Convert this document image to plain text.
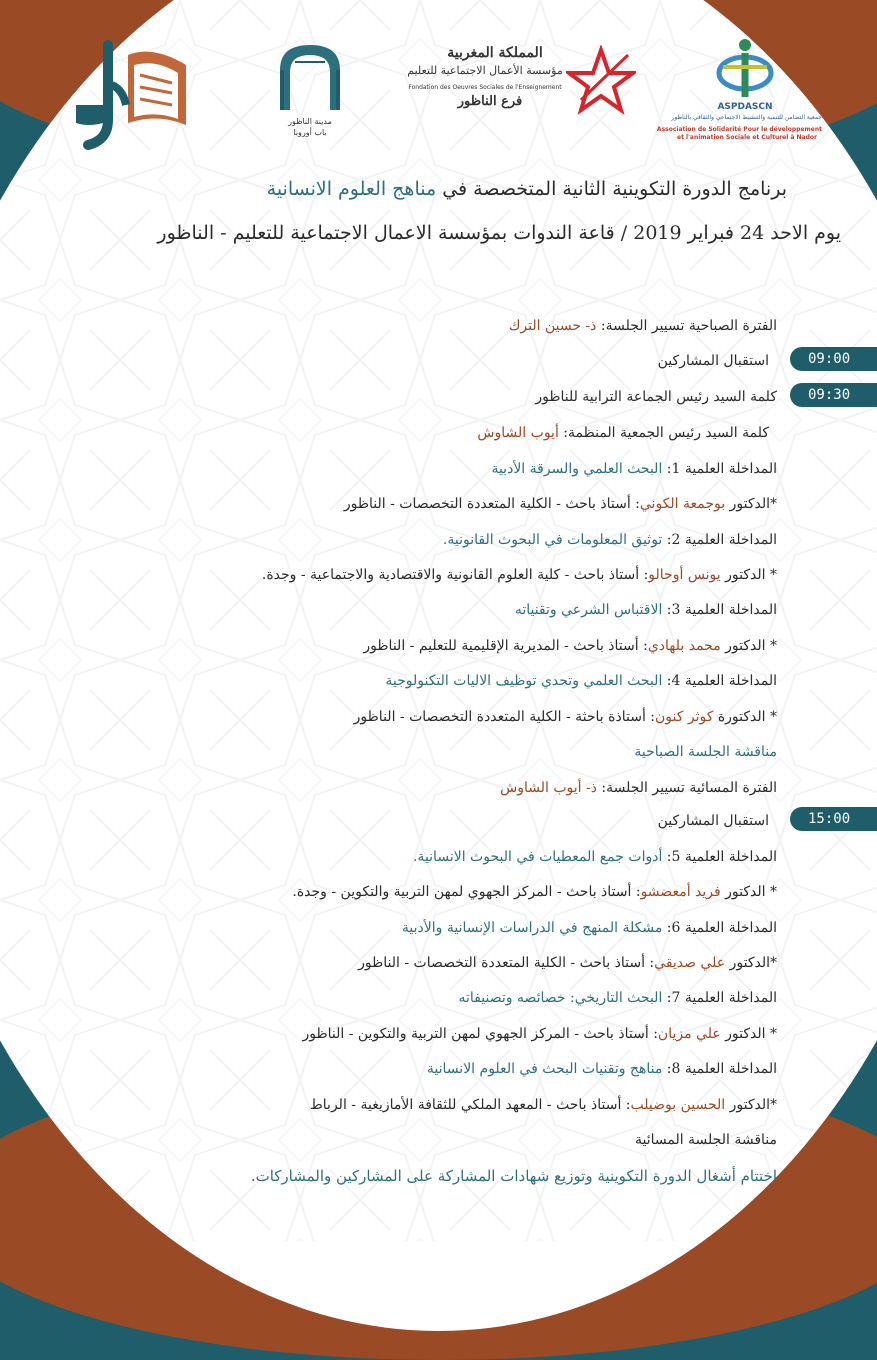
مدينة الناظور
باب أوروبا
المملكة المغربية
مؤسسة الأعمال الاجتماعية للتعليم
Fondation des Oeuvres Sociales de l'Enseignement
فرع الناظور	ASPDASCN
جمعية التضامن للتنمية والتنشيط الاجتماعي والثقافي بالناظور
Association de Solidarité Pour le développement
et l'animation Sociale et Culturel à Nador
برنامج الدورة التكوينية الثانية المتخصصة في مناهج العلوم الانسانية
يوم الاحد 24 فبراير 2019 / قاعة الندوات بمؤسسة الاعمال الاجتماعية للتعليم - الناظور
09:00
09:30
15:00
الفترة الصباحية تسيير الجلسة: ذ- حسين الترك
استقبال المشاركين
كلمة السيد رئيس الجماعة الترابية للناظور
كلمة السيد رئيس الجمعية المنظمة: أيوب الشاوش
المداخلة العلمية 1: البحث العلمي والسرقة الأدبية
*الدكتور بوجمعة الكوني: أستاذ باحث - الكلية المتعددة التخصصات - الناظور
المداخلة العلمية 2: توثيق المعلومات في البحوث القانونية.
* الدكتور يونس أوحالو: أستاذ باحث - كلية العلوم القانونية والاقتصادية والاجتماعية - وجدة.
المداخلة العلمية 3: الاقتباس الشرعي وتقنياته
* الدكتور محمد بلهادي: أستاذ باحث - المديرية الإقليمية للتعليم - الناظور
المداخلة العلمية 4: البحث العلمي وتحدي توظيف الاليات التكنولوجية
* الدكتورة كوثر كنون: أستاذة باحثة - الكلية المتعددة التخصصات - الناظور
مناقشة الجلسة الصباحية
الفترة المسائية تسيير الجلسة: ذ- أيوب الشاوش
استقبال المشاركين
المداخلة العلمية 5: أدوات جمع المعطيات في البحوث الانسانية.
* الدكتور فريد أمعضشو: أستاذ باحث - المركز الجهوي لمهن التربية والتكوين - وجدة.
المداخلة العلمية 6: مشكلة المنهج في الدراسات الإنسانية والأدبية
*الدكتور علي صديقي: أستاذ باحث - الكلية المتعددة التخصصات - الناظور
المداخلة العلمية 7: البحث التاريخي: خصائصه وتصنيفاته
* الدكتور علي مزيان: أستاذ باحث - المركز الجهوي لمهن التربية والتكوين - الناظور
المداخلة العلمية 8: مناهج وتقنيات البحث في العلوم الانسانية
*الدكتور الحسين بوضيلب: أستاذ باحث - المعهد الملكي للثقافة الأمازيغية - الرباط
مناقشة الجلسة المسائية
اختتام أشغال الدورة التكوينية وتوزيع شهادات المشاركة على المشاركين والمشاركات.
